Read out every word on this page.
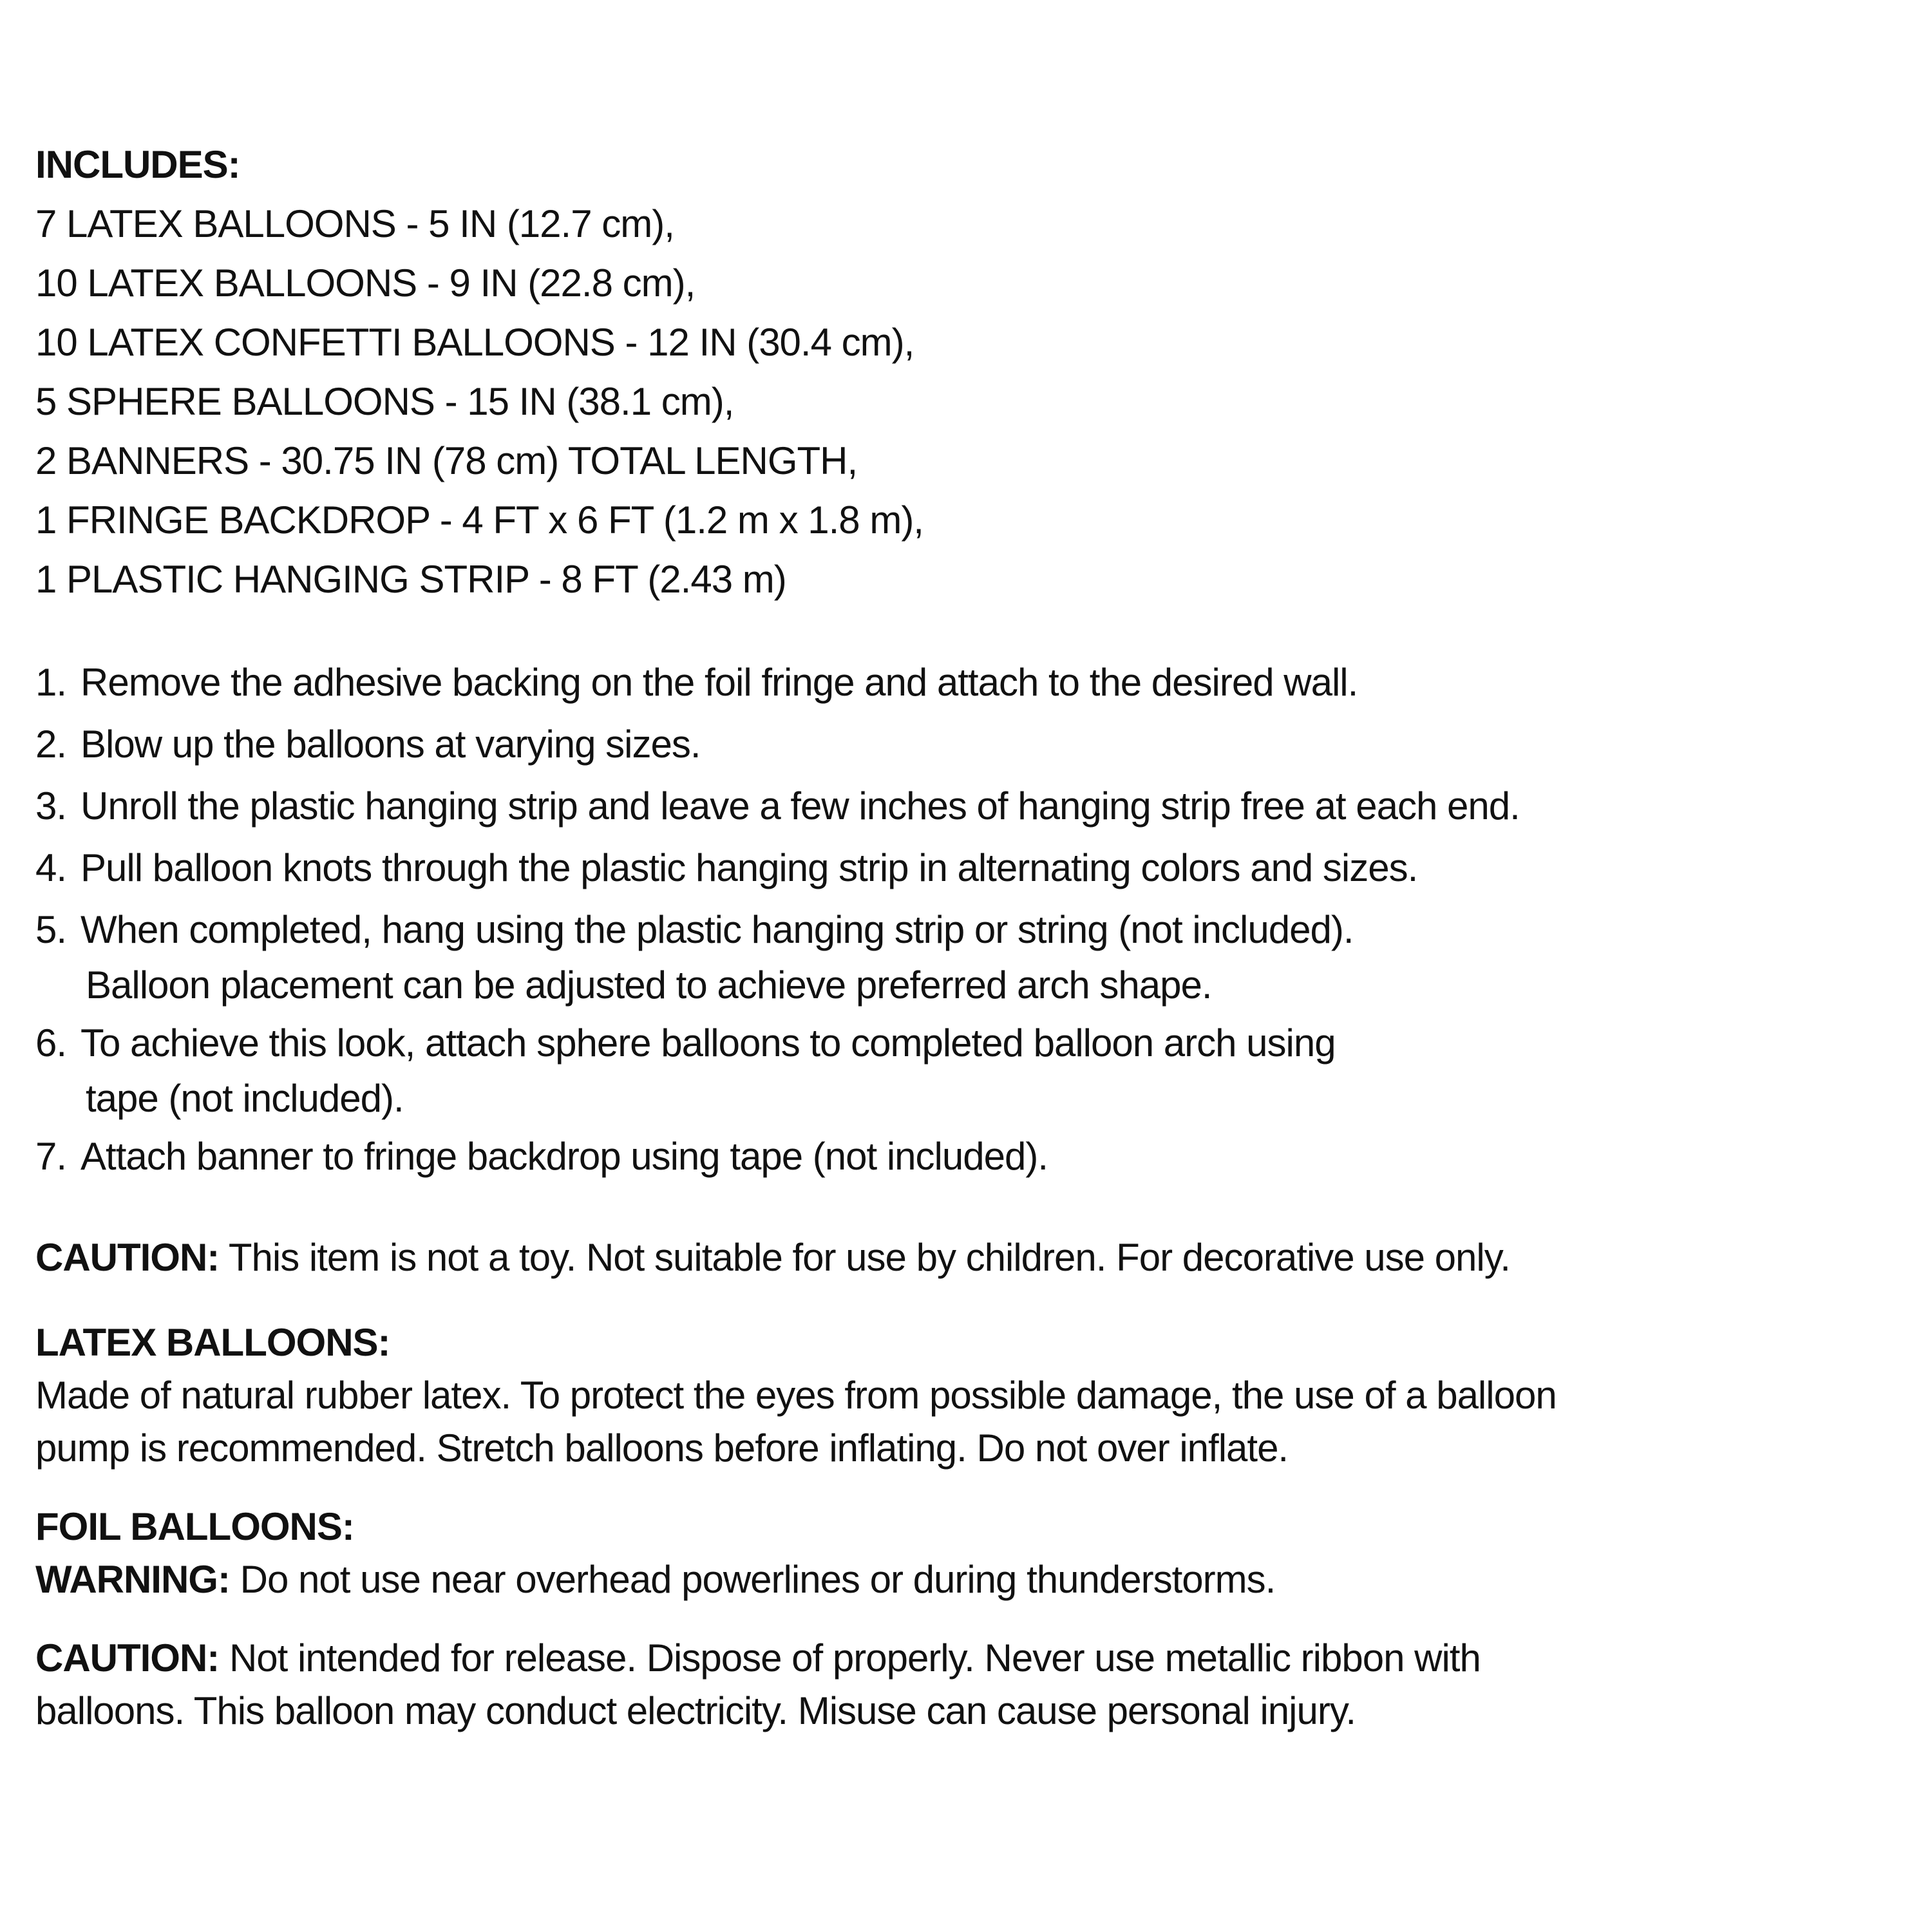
INCLUDES:

7 LATEX BALLOONS - 5 IN (12.7 cm),

10 LATEX BALLOONS - 9 IN (22.8 cm),

10 LATEX CONFETTI BALLOONS - 12 IN (30.4 cm),

5 SPHERE BALLOONS - 15 IN (38.1 cm),

2 BANNERS - 30.75 IN (78 cm) TOTAL LENGTH,

1 FRINGE BACKDROP - 4 FT x 6 FT (1.2 m x 1.8 m),

1 PLASTIC HANGING STRIP - 8 FT (2.43 m)

1. Remove the adhesive backing on the foil fringe and attach to the desired wall.
2. Blow up the balloons at varying sizes.
3. Unroll the plastic hanging strip and leave a few inches of hanging strip free at each end.
4. Pull balloon knots through the plastic hanging strip in alternating colors and sizes.
5. When completed, hang using the plastic hanging strip or string (not included).
Balloon placement can be adjusted to achieve preferred arch shape.
6. To achieve this look, attach sphere balloons to completed balloon arch using
tape (not included).
7. Attach banner to fringe backdrop using tape (not included).

CAUTION: This item is not a toy. Not suitable for use by children. For decorative use only.

LATEX BALLOONS:

Made of natural rubber latex. To protect the eyes from possible damage, the use of a balloon

pump is recommended. Stretch balloons before inflating. Do not over inflate.

FOIL BALLOONS:

WARNING: Do not use near overhead powerlines or during thunderstorms.

CAUTION: Not intended for release. Dispose of properly. Never use metallic ribbon with

balloons. This balloon may conduct electricity. Misuse can cause personal injury.
